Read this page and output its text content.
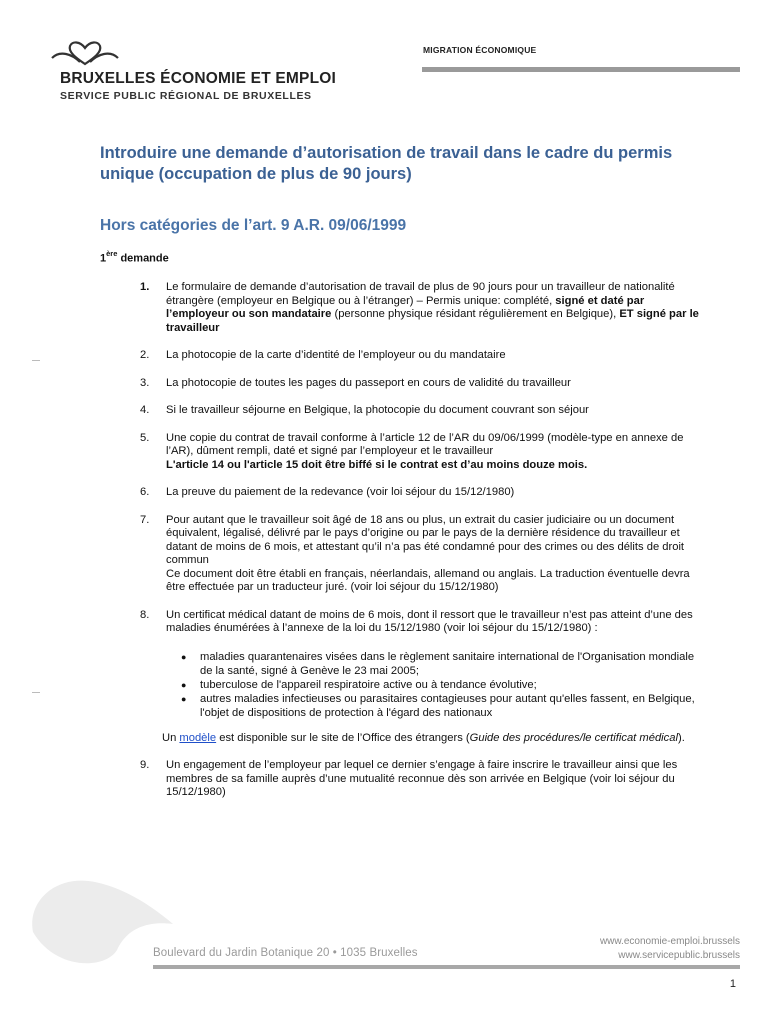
BRUXELLES ÉCONOMIE ET EMPLOI
SERVICE PUBLIC RÉGIONAL DE BRUXELLES
MIGRATION ÉCONOMIQUE
Introduire une demande d’autorisation de travail dans le cadre du permis unique (occupation de plus de 90 jours)
Hors catégories de l’art. 9 A.R. 09/06/1999
1ère demande
1. Le formulaire de demande d’autorisation de travail de plus de 90 jours pour un travailleur de nationalité étrangère (employeur en Belgique ou à l’étranger) – Permis unique: complété, signé et daté par l’employeur ou son mandataire (personne physique résidant régulièrement en Belgique), ET signé par le travailleur
2. La photocopie de la carte d’identité de l’employeur ou du mandataire
3. La photocopie de toutes les pages du passeport en cours de validité du travailleur
4. Si le travailleur séjourne en Belgique, la photocopie du document couvrant son séjour
5. Une copie du contrat de travail conforme à l’article 12 de l’AR du 09/06/1999 (modèle-type en annexe de l’AR), dûment rempli, daté et signé par l’employeur et le travailleur
L'article 14 ou l'article 15 doit être biffé si le contrat est d’au moins douze mois.
6. La preuve du paiement de la redevance (voir loi séjour du 15/12/1980)
7. Pour autant que le travailleur soit âgé de 18 ans ou plus, un extrait du casier judiciaire ou un document équivalent, légalisé, délivré par le pays d’origine ou par le pays de la dernière résidence du travailleur et datant de moins de 6 mois, et attestant qu’il n’a pas été condamné pour des crimes ou des délits de droit commun
Ce document doit être établi en français, néerlandais, allemand ou anglais. La traduction éventuelle devra être effectuée par un traducteur juré. (voir loi séjour du 15/12/1980)
8. Un certificat médical datant de moins de 6 mois, dont il ressort que le travailleur n’est pas atteint d’une des maladies énumérées à l’annexe de la loi du 15/12/1980 (voir loi séjour du 15/12/1980) :
● maladies quarantenaires visées dans le règlement sanitaire international de l'Organisation mondiale de la santé, signé à Genève le 23 mai 2005;
● tuberculose de l'appareil respiratoire active ou à tendance évolutive;
● autres maladies infectieuses ou parasitaires contagieuses pour autant qu'elles fassent, en Belgique, l'objet de dispositions de protection à l'égard des nationaux
Un modèle est disponible sur le site de l’Office des étrangers (Guide des procédures/le certificat médical).
9. Un engagement de l’employeur par lequel ce dernier s’engage à faire inscrire le travailleur ainsi que les membres de sa famille auprès d’une mutualité reconnue dès son arrivée en Belgique (voir loi séjour du 15/12/1980)
Boulevard du Jardin Botanique 20 • 1035 Bruxelles
www.economie-emploi.brussels
www.servicepublic.brussels
1
